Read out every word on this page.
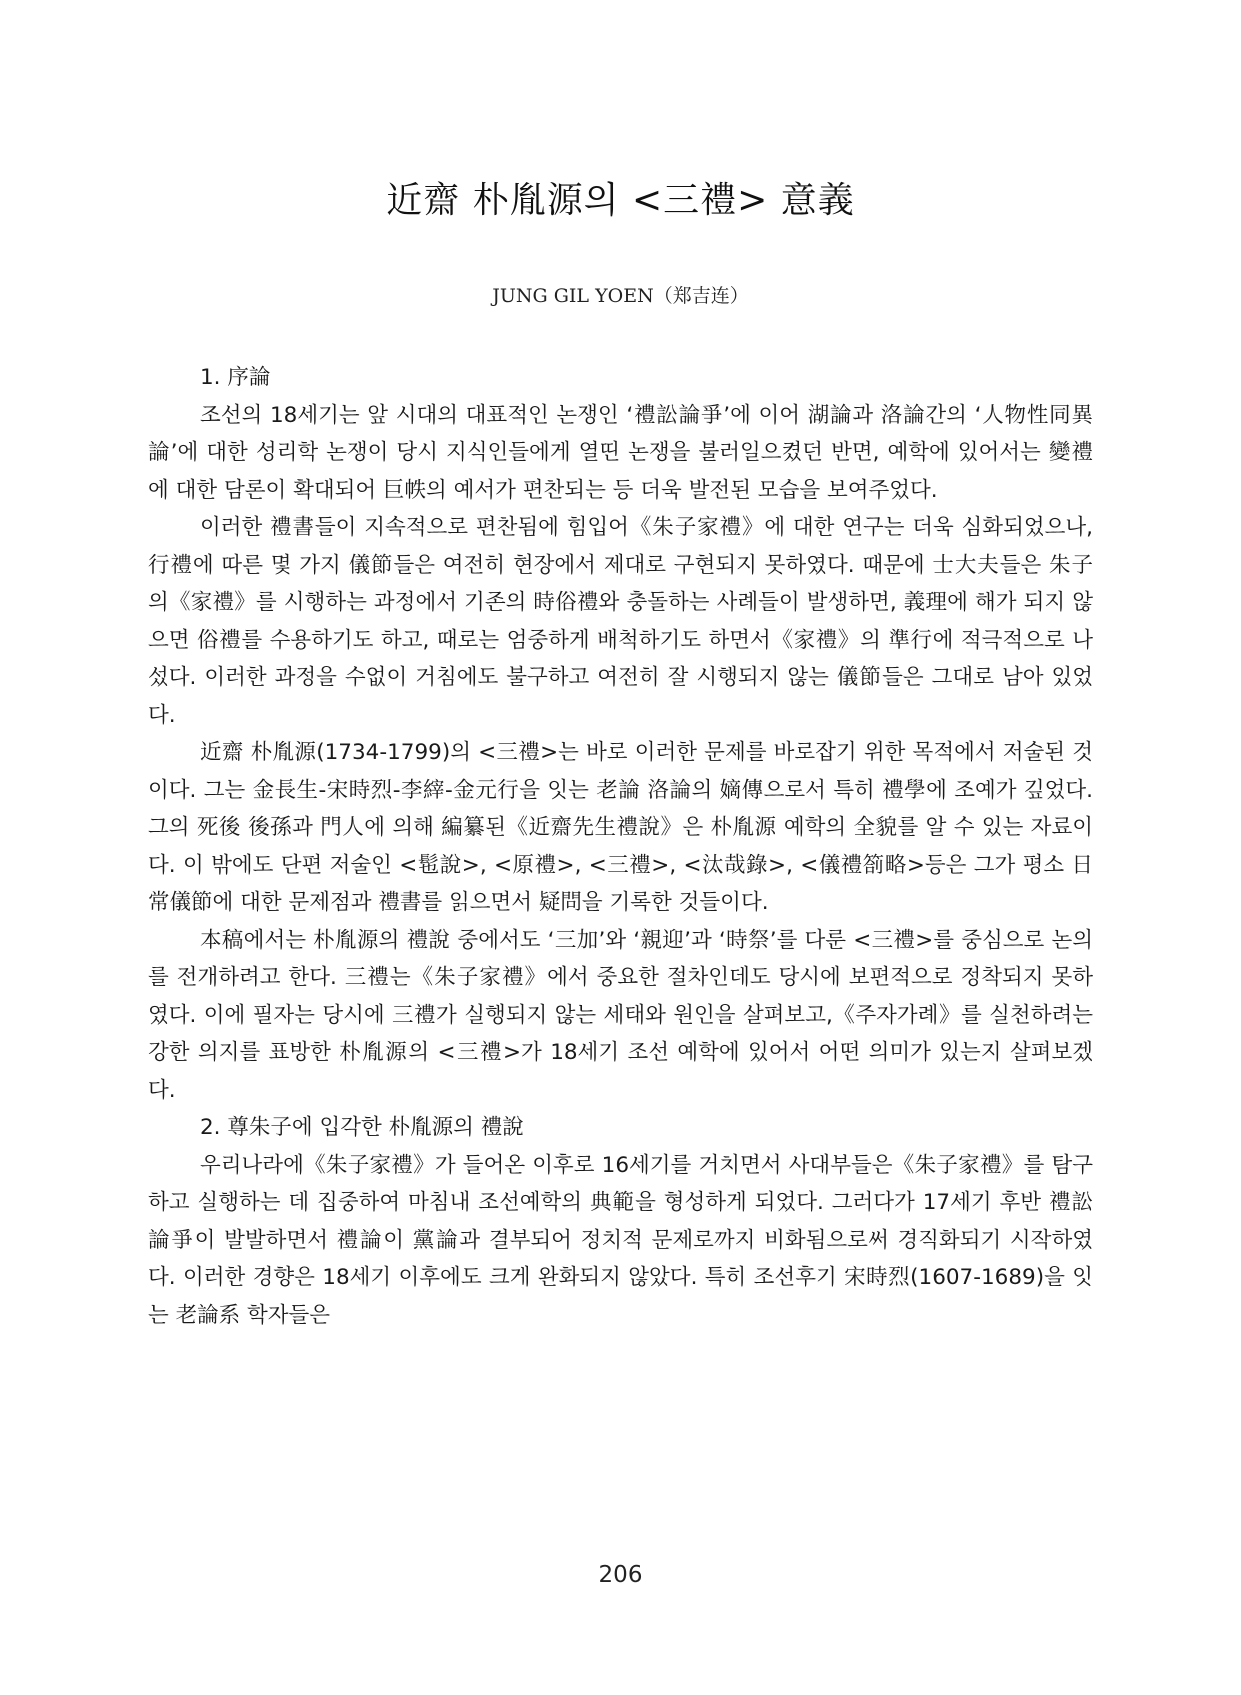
近齋 朴胤源의 <三禮> 意義
JUNG GIL YOEN（郑吉连）
1. 序論

조선의 18세기는 앞 시대의 대표적인 논쟁인 ‘禮訟論爭’에 이어 湖論과 洛論간의 ‘人物性同異論’에 대한 성리학 논쟁이 당시 지식인들에게 열띤 논쟁을 불러일으켰던 반면, 예학에 있어서는 變禮에 대한 담론이 확대되어 巨帙의 예서가 편찬되는 등 더욱 발전된 모습을 보여주었다.

이러한 禮書들이 지속적으로 편찬됨에 힘입어《朱子家禮》에 대한 연구는 더욱 심화되었으나, 行禮에 따른 몇 가지 儀節들은 여전히 현장에서 제대로 구현되지 못하였다. 때문에 士大夫들은 朱子의《家禮》를 시행하는 과정에서 기존의 時俗禮와 충돌하는 사례들이 발생하면, 義理에 해가 되지 않으면 俗禮를 수용하기도 하고, 때로는 엄중하게 배척하기도 하면서《家禮》의 準行에 적극적으로 나섰다. 이러한 과정을 수없이 거침에도 불구하고 여전히 잘 시행되지 않는 儀節들은 그대로 남아 있었다.

近齋 朴胤源(1734-1799)의 <三禮>는 바로 이러한 문제를 바로잡기 위한 목적에서 저술된 것이다. 그는 金長生-宋時烈-李縡-金元行을 잇는 老論 洛論의 嫡傳으로서 특히 禮學에 조예가 깊었다. 그의 死後 後孫과 門人에 의해 編纂된《近齋先生禮說》은 朴胤源 예학의 全貌를 알 수 있는 자료이다. 이 밖에도 단편 저술인 <髢說>, <原禮>, <三禮>, <汰哉錄>, <儀禮箚略>등은 그가 평소 日常儀節에 대한 문제점과 禮書를 읽으면서 疑問을 기록한 것들이다.

本稿에서는 朴胤源의 禮說 중에서도 ‘三加’와 ‘親迎’과 ‘時祭’를 다룬 <三禮>를 중심으로 논의를 전개하려고 한다. 三禮는《朱子家禮》에서 중요한 절차인데도 당시에 보편적으로 정착되지 못하였다. 이에 필자는 당시에 三禮가 실행되지 않는 세태와 원인을 살펴보고,《주자가례》를 실천하려는 강한 의지를 표방한 朴胤源의 <三禮>가 18세기 조선 예학에 있어서 어떤 의미가 있는지 살펴보겠다.

2. 尊朱子에 입각한 朴胤源의 禮說

우리나라에《朱子家禮》가 들어온 이후로 16세기를 거치면서 사대부들은《朱子家禮》를 탐구하고 실행하는 데 집중하여 마침내 조선예학의 典範을 형성하게 되었다. 그러다가 17세기 후반 禮訟論爭이 발발하면서 禮論이 黨論과 결부되어 정치적 문제로까지 비화됨으로써 경직화되기 시작하였다. 이러한 경향은 18세기 이후에도 크게 완화되지 않았다. 특히 조선후기 宋時烈(1607-1689)을 잇는 老論系 학자들은

206
